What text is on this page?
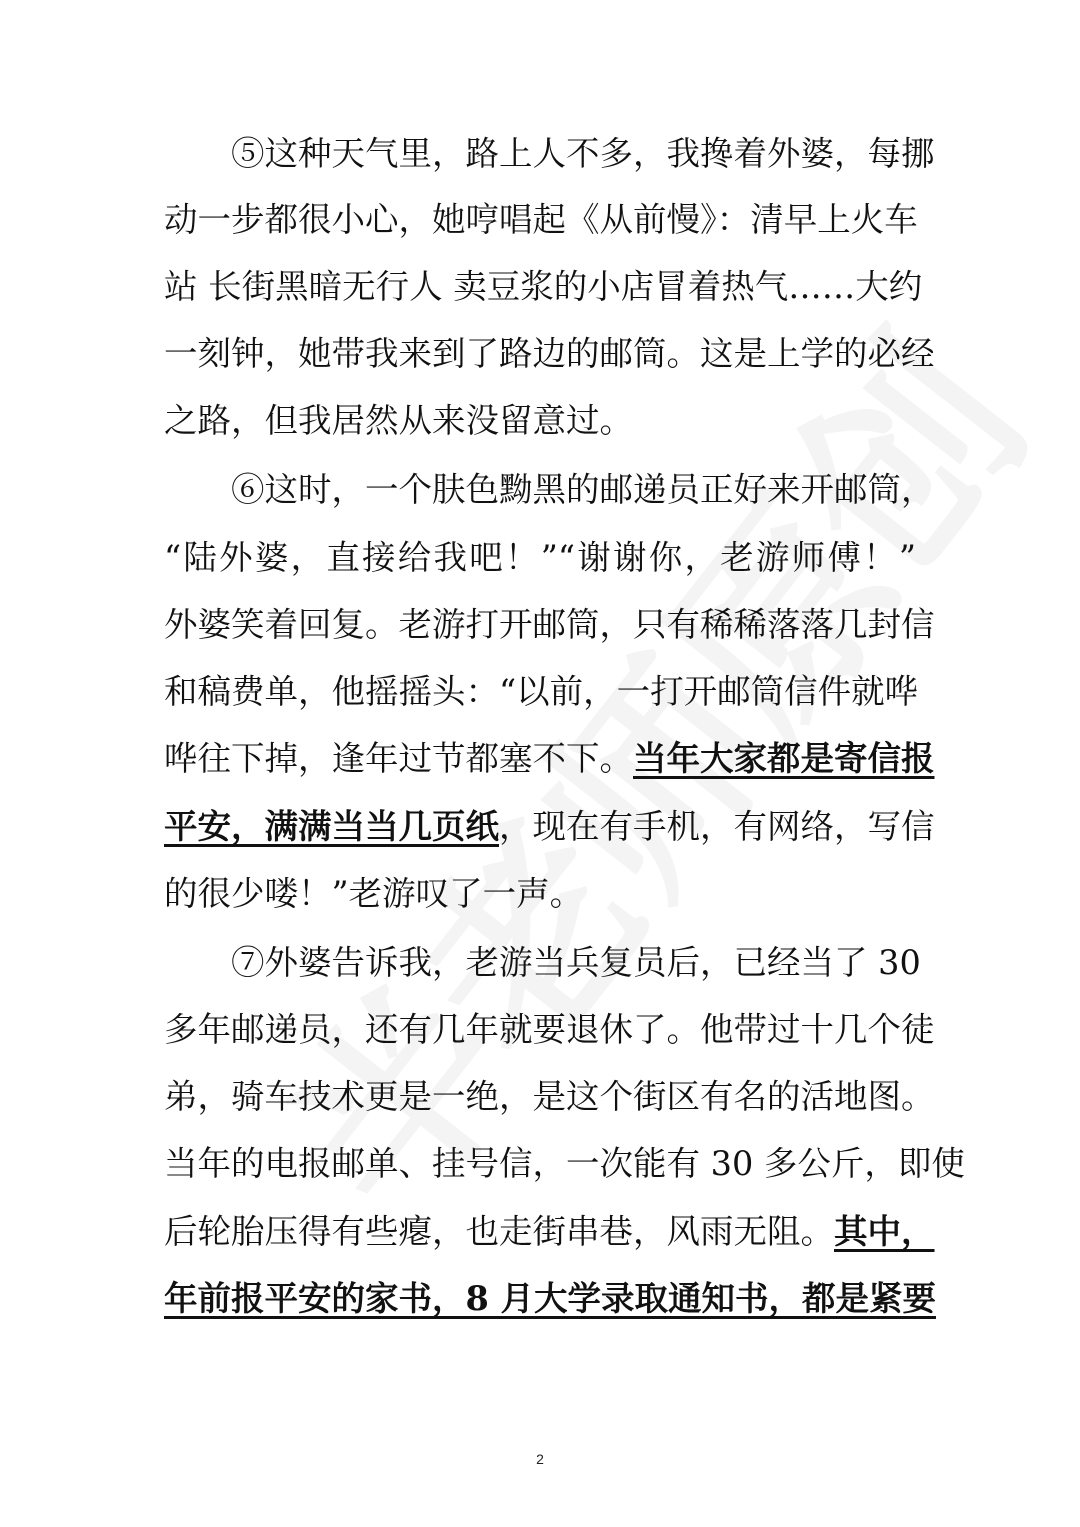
⑤这种天气里，路上人不多，我搀着外婆，每挪
动一步都很小心，她哼唱起《从前慢》：清早上火车
站 长街黑暗无行人 卖豆浆的小店冒着热气……大约
一刻钟，她带我来到了路边的邮筒。这是上学的必经
之路，但我居然从来没留意过。
⑥这时，一个肤色黝黑的邮递员正好来开邮筒，
“陆外婆，直接给我吧！”“谢谢你，老游师傅！”
外婆笑着回复。老游打开邮筒，只有稀稀落落几封信
和稿费单，他摇摇头：“以前，一打开邮筒信件就哗
哗往下掉，逢年过节都塞不下。当年大家都是寄信报
平安，满满当当几页纸，现在有手机，有网络，写信
的很少喽！”老游叹了一声。
⑦外婆告诉我，老游当兵复员后，已经当了 30
多年邮递员，还有几年就要退休了。他带过十几个徒
弟，骑车技术更是一绝，是这个街区有名的活地图。
当年的电报邮单、挂号信，一次能有 30 多公斤，即使
后轮胎压得有些瘪，也走街串巷，风雨无阻。其中，
年前报平安的家书，8 月大学录取通知书，都是紧要
2
